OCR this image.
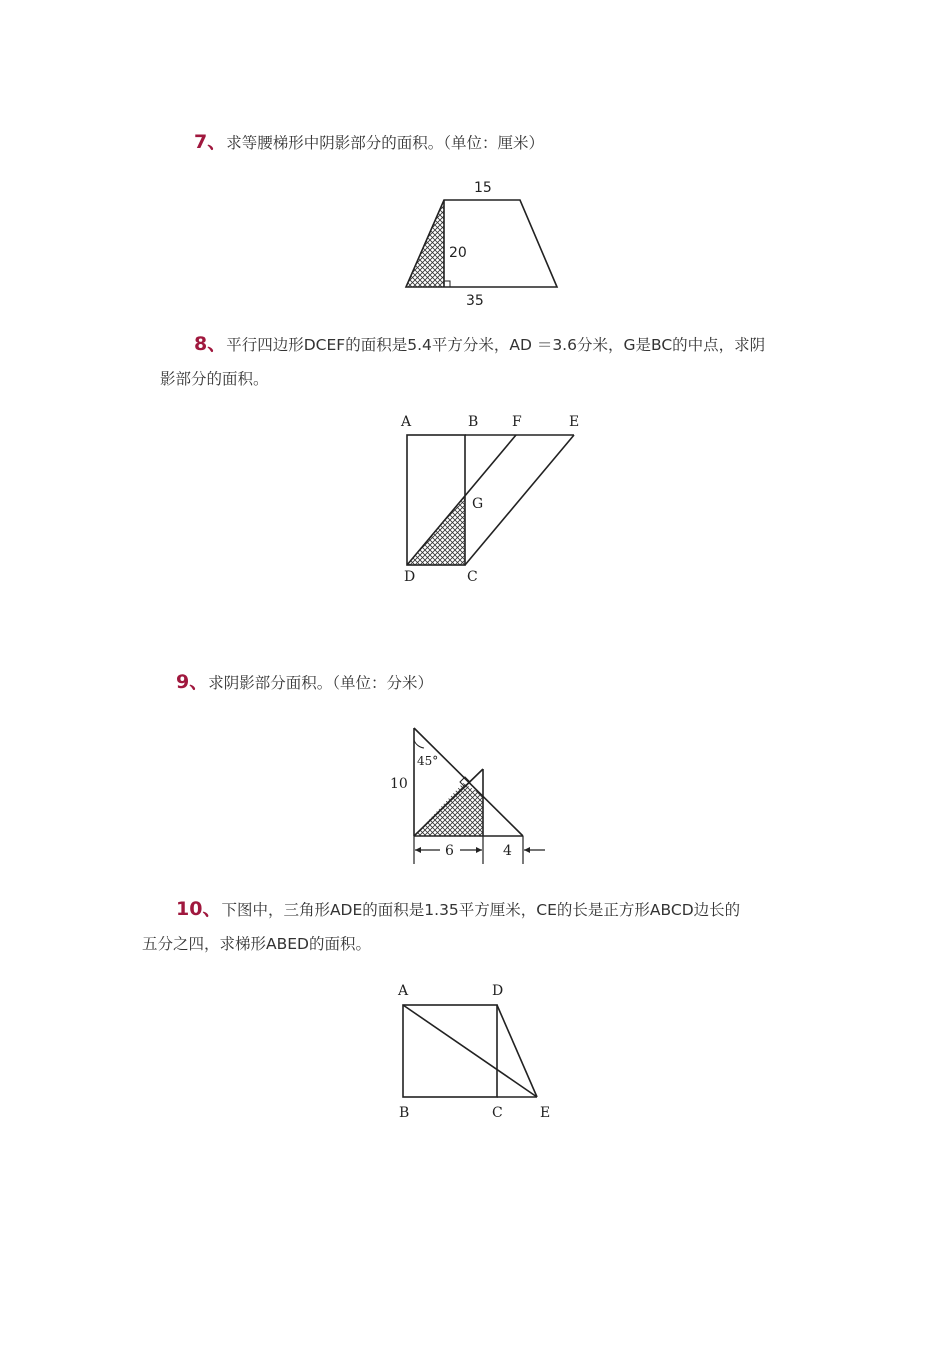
7、求等腰梯形中阴影部分的面积。（单位：厘米）
15
20
35
8、平行四边形DCEF的面积是5.4平方分米，AD ＝3.6分米，G是BC的中点，求阴
影部分的面积。
A	B F	E
G
D	C
9、求阴影部分面积。（单位：分米）
45°
10
6	4
10、下图中，三角形ADE的面积是1.35平方厘米，CE的长是正方形ABCD边长的
五分之四，求梯形ABED的面积。
A	D
B	C	E
